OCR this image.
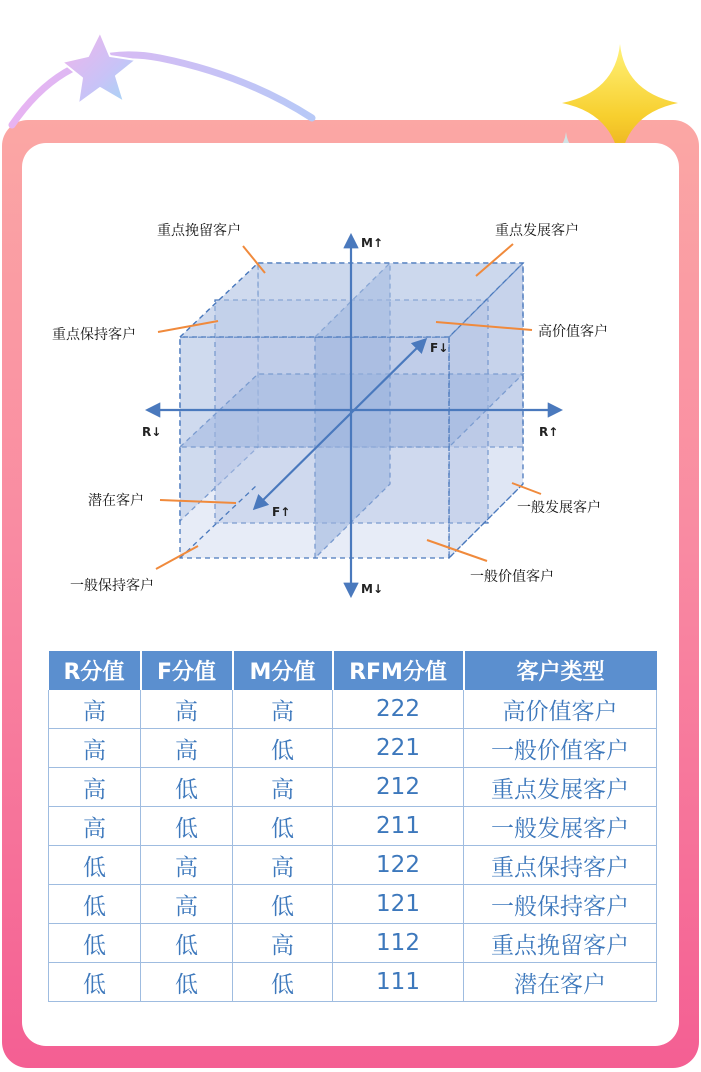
M↑
M↓
R↓	R↑
F↓
F↑
重点挽留客户	重点发展客户
重点保持客户	高价值客户
潜在客户	一般发展客户
一般保持客户
一般价值客户
R分值	F分值	M分值	RFM分值	客户类型
高	高	高	222	高价值客户
高	高	低	221	一般价值客户
高	低	高	212	重点发展客户
高	低	低	211	一般发展客户
低	高	高	122	重点保持客户
低	高	低	121	一般保持客户
低	低	高	112	重点挽留客户
低	低	低	111	潜在客户
